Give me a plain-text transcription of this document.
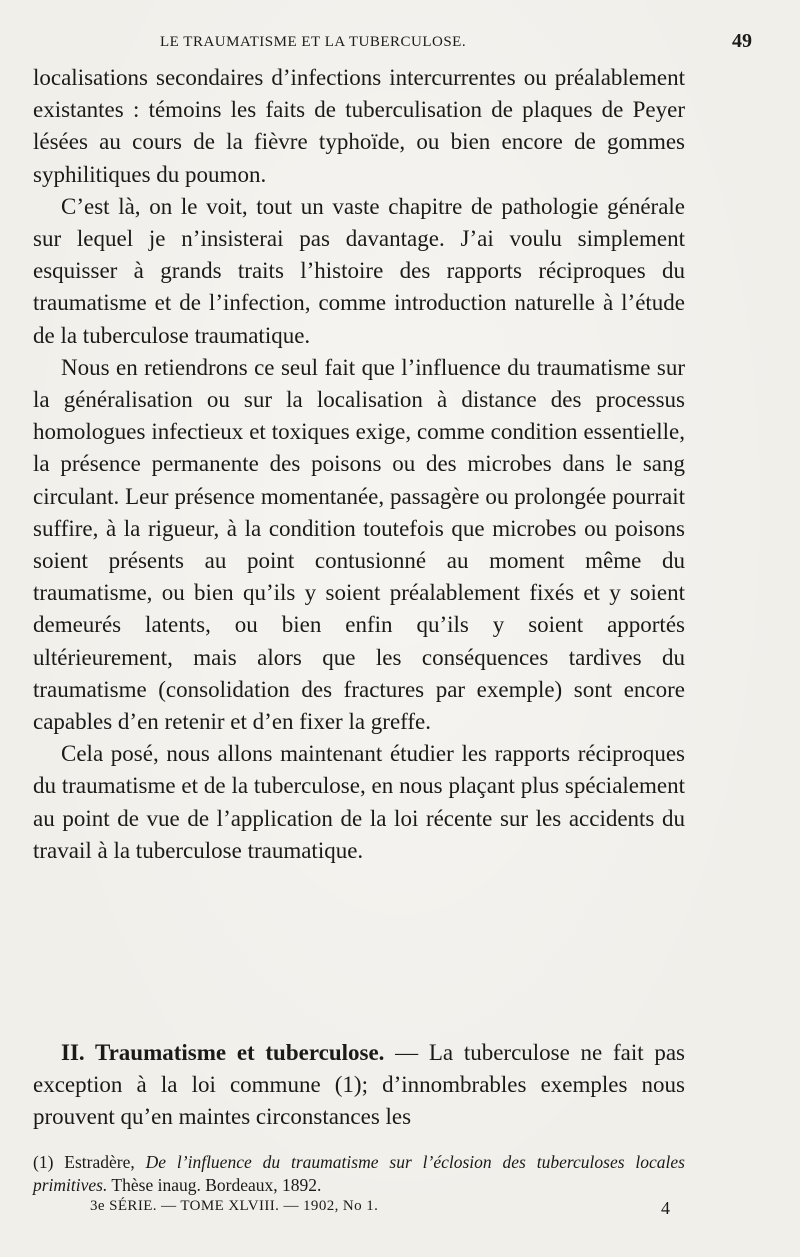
LE TRAUMATISME ET LA TUBERCULOSE.	49

localisations secondaires d’infections intercurrentes ou préalablement existantes : témoins les faits de tuberculisation de plaques de Peyer lésées au cours de la fièvre typhoïde, ou bien encore de gommes syphilitiques du poumon.

C’est là, on le voit, tout un vaste chapitre de pathologie générale sur lequel je n’insisterai pas davantage. J’ai voulu simplement esquisser à grands traits l’histoire des rapports réciproques du traumatisme et de l’infection, comme introduction naturelle à l’étude de la tuberculose traumatique.

Nous en retiendrons ce seul fait que l’influence du traumatisme sur la généralisation ou sur la localisation à distance des processus homologues infectieux et toxiques exige, comme condition essentielle, la présence permanente des poisons ou des microbes dans le sang circulant. Leur présence momentanée, passagère ou prolongée pourrait suffire, à la rigueur, à la condition toutefois que microbes ou poisons soient présents au point contusionné au moment même du traumatisme, ou bien qu’ils y soient préalablement fixés et y soient demeurés latents, ou bien enfin qu’ils y soient apportés ultérieurement, mais alors que les conséquences tardives du traumatisme (consolidation des fractures par exemple) sont encore capables d’en retenir et d’en fixer la greffe.

Cela posé, nous allons maintenant étudier les rapports réciproques du traumatisme et de la tuberculose, en nous plaçant plus spécialement au point de vue de l’application de la loi récente sur les accidents du travail à la tuberculose traumatique.

II. Traumatisme et tuberculose. — La tuberculose ne fait pas exception à la loi commune (1); d’innombrables exemples nous prouvent qu’en maintes circonstances les

(1) Estradère, De l’influence du traumatisme sur l’éclosion des tuberculoses locales primitives. Thèse inaug. Bordeaux, 1892.
3e SÉRIE. — TOME XLVIII. — 1902, No 1.	4
